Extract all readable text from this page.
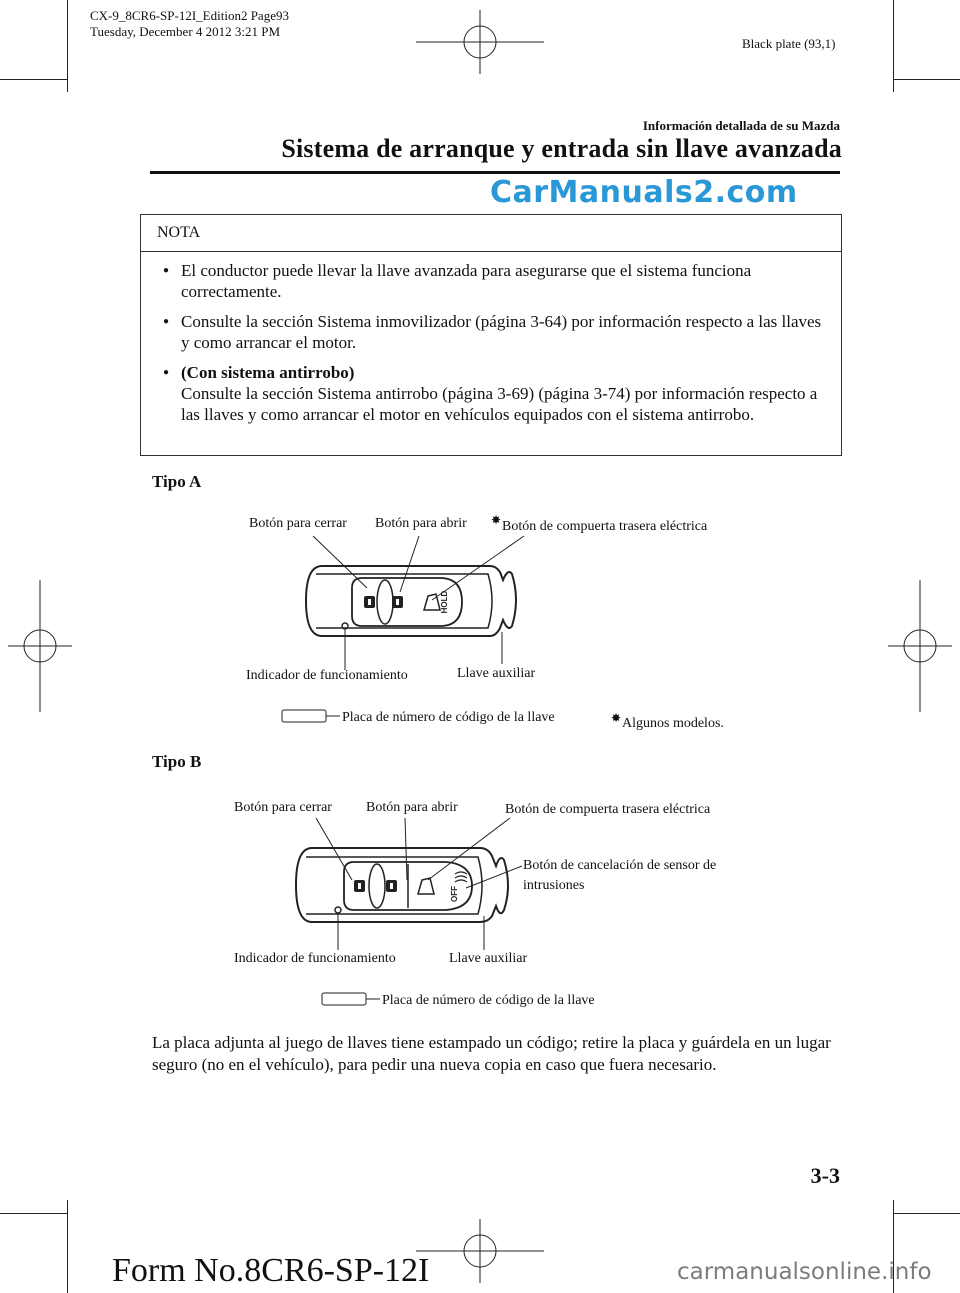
CX-9_8CR6-SP-12I_Edition2 Page93
Tuesday, December 4 2012 3:21 PM
Black plate (93,1)
Información detallada de su Mazda
Sistema de arranque y entrada sin llave avanzada
CarManuals2.com
NOTA
● El conductor puede llevar la llave avanzada para asegurarse que el sistema funciona correctamente.
● Consulte la sección Sistema inmovilizador (página 3-64) por información respecto a las llaves y como arrancar el motor.
● (Con sistema antirrobo)
Consulte la sección Sistema antirrobo (página 3-69) (página 3-74) por información respecto a las llaves y como arrancar el motor en vehículos equipados con el sistema antirrobo.
Tipo A
Botón para cerrar Botón para abrir ✸ Botón de compuerta trasera eléctrica
Indicador de funcionamiento	Llave auxiliar
Placa de número de código de la llave	✸ Algunos modelos.
HOLD
Tipo B
Botón para cerrar Botón para abrir	Botón de compuerta trasera eléctrica
Botón de cancelación de sensor de intrusiones
Indicador de funcionamiento	Llave auxiliar
Placa de número de código de la llave
OFF
La placa adjunta al juego de llaves tiene estampado un código; retire la placa y guárdela en un lugar seguro (no en el vehículo), para pedir una nueva copia en caso que fuera necesario.
3-3
Form No.8CR6-SP-12I	carmanualsonline.info
